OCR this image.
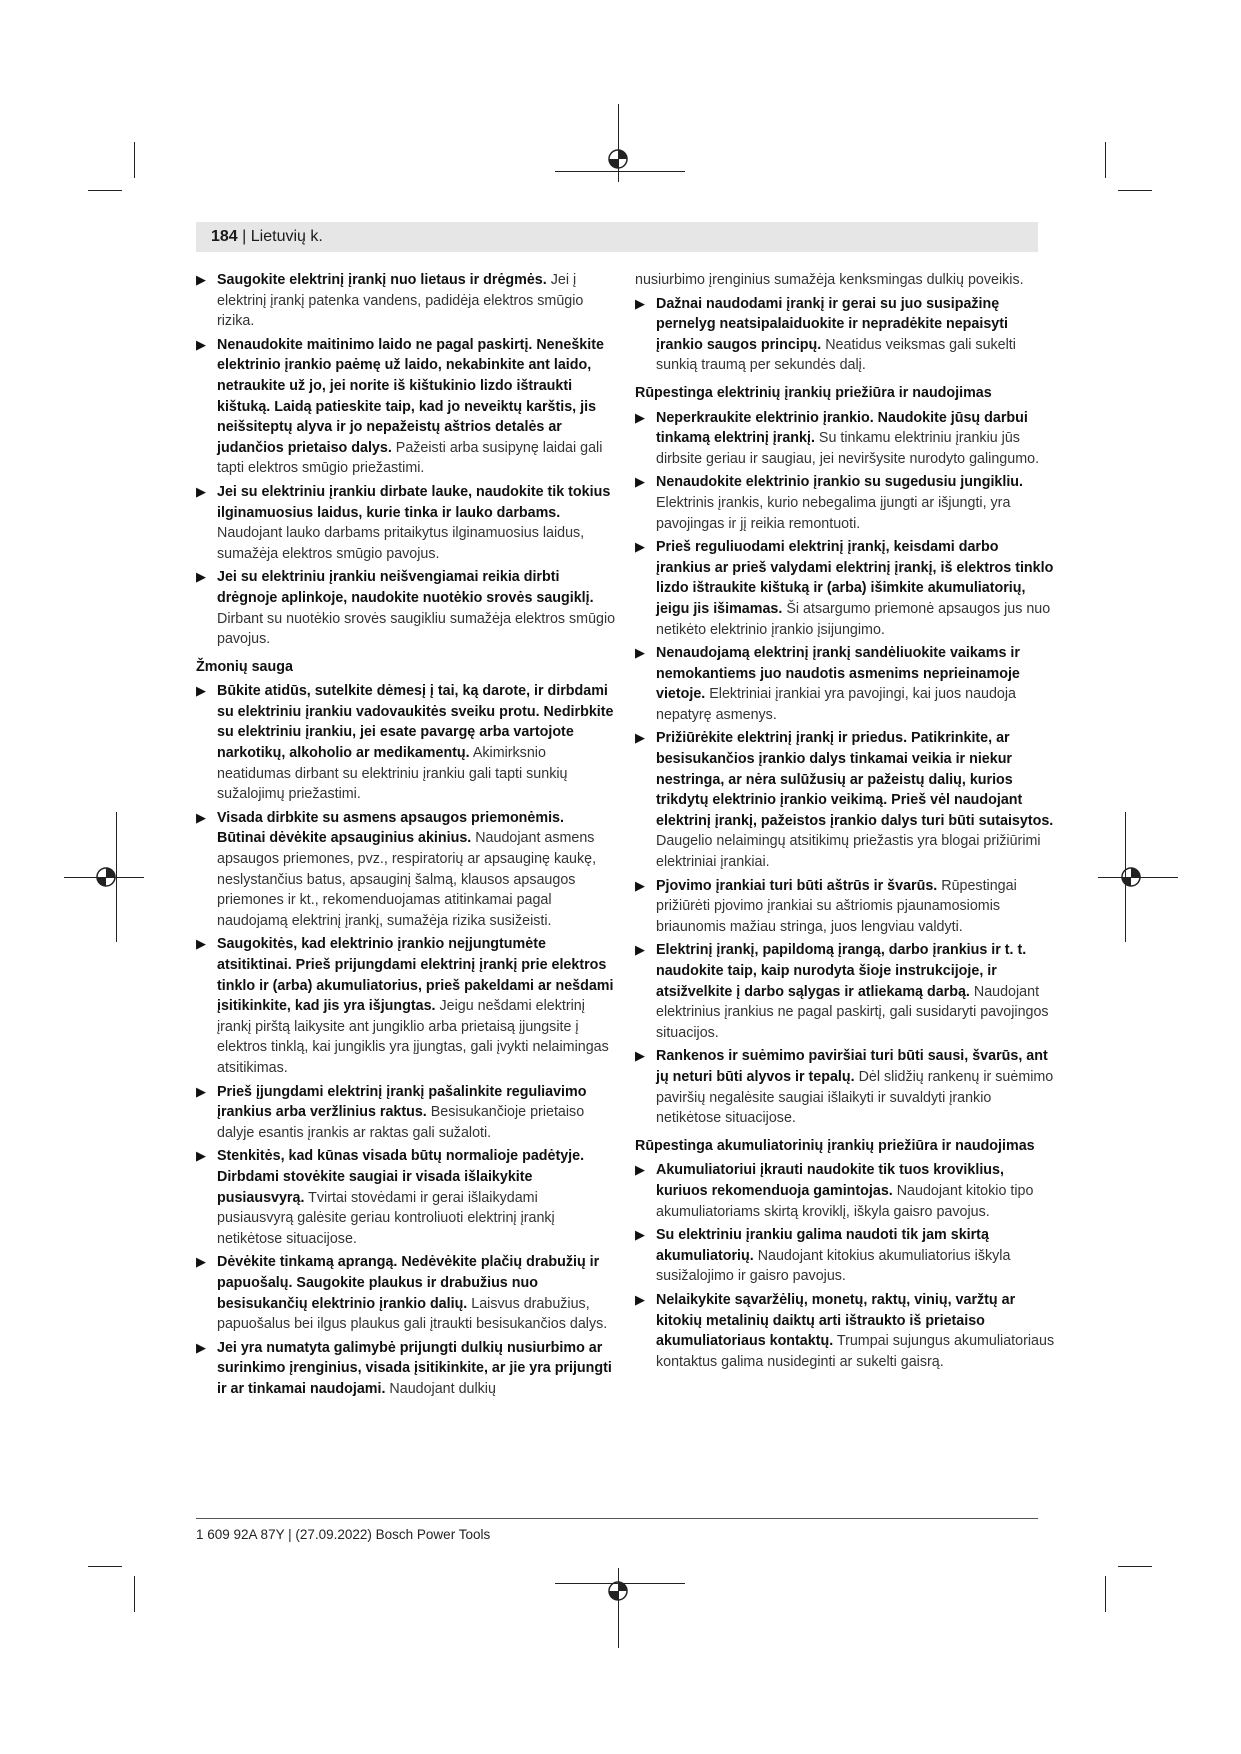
184 | Lietuvių k.
▶ Saugokite elektrinį įrankį nuo lietaus ir drėgmės. Jei į elektrinį įrankį patenka vandens, padidėja elektros smūgio rizika.
▶ Nenaudokite maitinimo laido ne pagal paskirtį. Neneškite elektrinio įrankio paėmę už laido, nekabinkite ant laido, netraukite už jo, jei norite iš kištukinio lizdo ištraukti kištuką. Laidą patieskite taip, kad jo neveiktų karštis, jis neišsiteptų alyva ir jo nepažeistų aštrios detalės ar judančios prietaiso dalys. Pažeisti arba susipynę laidai gali tapti elektros smūgio priežastimi.
▶ Jei su elektriniu įrankiu dirbate lauke, naudokite tik tokius ilginamuosius laidus, kurie tinka ir lauko darbams. Naudojant lauko darbams pritaikytus ilginamuosius laidus, sumažėja elektros smūgio pavojus.
▶ Jei su elektriniu įrankiu neišvengiamai reikia dirbti drėgnoje aplinkoje, naudokite nuotėkio srovės saugiklį. Dirbant su nuotėkio srovės saugikliu sumažėja elektros smūgio pavojus.
Žmonių sauga
▶ Būkite atidūs, sutelkite dėmesį į tai, ką darote, ir dirbdami su elektriniu įrankiu vadovaukitės sveiku protu. Nedirbkite su elektriniu įrankiu, jei esate pavargę arba vartojote narkotikų, alkoholio ar medikamentų. Akimirksnio neatidumas dirbant su elektriniu įrankiu gali tapti sunkių sužalojimų priežastimi.
▶ Visada dirbkite su asmens apsaugos priemonėmis. Būtinai dėvėkite apsauginius akinius. Naudojant asmens apsaugos priemones, pvz., respiratorių ar apsauginę kaukę, neslystančius batus, apsauginį šalmą, klausos apsaugos priemones ir kt., rekomenduojamas atitinkamai pagal naudojamą elektrinį įrankį, sumažėja rizika susižeisti.
▶ Saugokitės, kad elektrinio įrankio neįjungtumėte atsitiktinai. Prieš prijungdami elektrinį įrankį prie elektros tinklo ir (arba) akumuliatorius, prieš pakeldami ar nešdami įsitikinkite, kad jis yra išjungtas. Jeigu nešdami elektrinį įrankį pirštą laikysite ant jungiklio arba prietaisą įjungsite į elektros tinklą, kai jungiklis yra įjungtas, gali įvykti nelaimingas atsitikimas.
▶ Prieš įjungdami elektrinį įrankį pašalinkite reguliavimo įrankius arba veržlinius raktus. Besisukančioje prietaiso dalyje esantis įrankis ar raktas gali sužaloti.
▶ Stenkitės, kad kūnas visada būtų normalioje padėtyje. Dirbdami stovėkite saugiai ir visada išlaikykite pusiausvyrą. Tvirtai stovėdami ir gerai išlaikydami pusiausvyrą galėsite geriau kontroliuoti elektrinį įrankį netikėtose situacijose.
▶ Dėvėkite tinkamą aprangą. Nedėvėkite plačių drabužių ir papuošalų. Saugokite plaukus ir drabužius nuo besisukančių elektrinio įrankio dalių. Laisvus drabužius, papuošalus bei ilgus plaukus gali įtraukti besisukančios dalys.
▶ Jei yra numatyta galimybė prijungti dulkių nusiurbimo ar surinkimo įrenginius, visada įsitikinkite, ar jie yra prijungti ir ar tinkamai naudojami. Naudojant dulkių
nusiurbimo įrenginius sumažėja kenksmingas dulkių poveikis.
▶ Dažnai naudodami įrankį ir gerai su juo susipažinę pernelyg neatsipalaiduokite ir nepradėkite nepaisyti įrankio saugos principų. Neatidus veiksmas gali sukelti sunkią traumą per sekundės dalį.
Rūpestinga elektrinių įrankių priežiūra ir naudojimas
▶ Neperkraukite elektrinio įrankio. Naudokite jūsų darbui tinkamą elektrinį įrankį. Su tinkamu elektriniu įrankiu jūs dirbsite geriau ir saugiau, jei neviršysite nurodyto galingumo.
▶ Nenaudokite elektrinio įrankio su sugedusiu jungikliu. Elektrinis įrankis, kurio nebegalima įjungti ar išjungti, yra pavojingas ir jį reikia remontuoti.
▶ Prieš reguliuodami elektrinį įrankį, keisdami darbo įrankius ar prieš valydami elektrinį įrankį, iš elektros tinklo lizdo ištraukite kištuką ir (arba) išimkite akumuliatorių, jeigu jis išimamas. Ši atsargumo priemonė apsaugos jus nuo netikėto elektrinio įrankio įsijungimo.
▶ Nenaudojamą elektrinį įrankį sandėliuokite vaikams ir nemokantiems juo naudotis asmenims neprieinamoje vietoje. Elektriniai įrankiai yra pavojingi, kai juos naudoja nepatyrę asmenys.
▶ Prižiūrėkite elektrinį įrankį ir priedus. Patikrinkite, ar besisukančios įrankio dalys tinkamai veikia ir niekur nestringa, ar nėra sulūžusių ar pažeistų dalių, kurios trikdytų elektrinio įrankio veikimą. Prieš vėl naudojant elektrinį įrankį, pažeistos įrankio dalys turi būti sutaisytos. Daugelio nelaimingų atsitikimų priežastis yra blogai prižiūrimi elektriniai įrankiai.
▶ Pjovimo įrankiai turi būti aštrūs ir švarūs. Rūpestingai prižiūrėti pjovimo įrankiai su aštriomis pjaunamosiomis briaunomis mažiau stringa, juos lengviau valdyti.
▶ Elektrinį įrankį, papildomą įrangą, darbo įrankius ir t. t. naudokite taip, kaip nurodyta šioje instrukcijoje, ir atsižvelkite į darbo sąlygas ir atliekamą darbą. Naudojant elektrinius įrankius ne pagal paskirtį, gali susidaryti pavojingos situacijos.
▶ Rankenos ir suėmimo paviršiai turi būti sausi, švarūs, ant jų neturi būti alyvos ir tepalų. Dėl slidžių rankenų ir suėmimo paviršių negalėsite saugiai išlaikyti ir suvaldyti įrankio netikėtose situacijose.
Rūpestinga akumuliatorinių įrankių priežiūra ir naudojimas
▶ Akumuliatoriui įkrauti naudokite tik tuos kroviklius, kuriuos rekomenduoja gamintojas. Naudojant kitokio tipo akumuliatoriams skirtą kroviklį, iškyla gaisro pavojus.
▶ Su elektriniu įrankiu galima naudoti tik jam skirtą akumuliatorių. Naudojant kitokius akumuliatorius iškyla susižalojimo ir gaisro pavojus.
▶ Nelaikykite sąvaržėlių, monetų, raktų, vinių, varžtų ar kitokių metalinių daiktų arti ištraukto iš prietaiso akumuliatoriaus kontaktų. Trumpai sujungus akumuliatoriaus kontaktus galima nusideginti ar sukelti gaisrą.
1 609 92A 87Y | (27.09.2022) Bosch Power Tools
